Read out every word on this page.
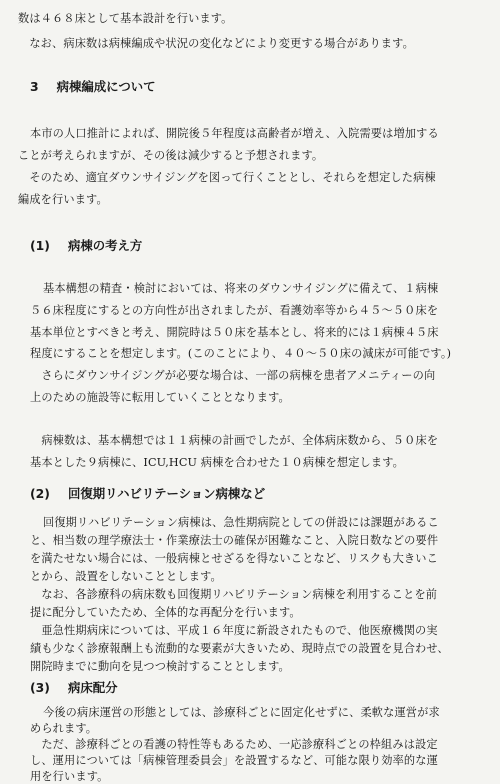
数は４６８床として基本設計を行います。
　なお、病床数は病棟編成や状況の変化などにより変更する場合があります。
3 病棟編成について
本市の人口推計によれば、開院後５年程度は高齢者が増え、入院需要は増加する
ことが考えられますが、その後は減少すると予想されます。
　そのため、適宜ダウンサイジングを図って行くこととし、それらを想定した病棟
編成を行います。
(1) 病棟の考え方
基本構想の精査・検討においては、将来のダウンサイジングに備えて、１病棟
５６床程度にするとの方向性が出されましたが、看護効率等から４５～５０床を
基本単位とすべきと考え、開院時は５０床を基本とし、将来的には１病棟４５床
程度にすることを想定します。(このことにより、４０～５０床の減床が可能です。)
　さらにダウンサイジングが必要な場合は、一部の病棟を患者アメニティーの向
上のための施設等に転用していくこととなります。
　病棟数は、基本構想では１１病棟の計画でしたが、全体病床数から、５０床を
基本とした９病棟に、ICU,HCU 病棟を合わせた１０病棟を想定します。
(2) 回復期リハビリテーション病棟など
回復期リハビリテーション病棟は、急性期病院としての併設には課題があるこ
と、相当数の理学療法士・作業療法士の確保が困難なこと、入院日数などの要件
を満たせない場合には、一般病棟とせざるを得ないことなど、リスクも大きいこ
とから、設置をしないこととします。
　なお、各診療科の病床数も回復期リハビリテーション病棟を利用することを前
提に配分していたため、全体的な再配分を行います。
　亜急性期病床については、平成１６年度に新設されたもので、他医療機関の実
績も少なく診療報酬上も流動的な要素が大きいため、現時点での設置を見合わせ、
開院時までに動向を見つつ検討することとします。
(3) 病床配分
今後の病床運営の形態としては、診療科ごとに固定化せずに、柔軟な運営が求
められます。
　ただ、診療科ごとの看護の特性等もあるため、一応診療科ごとの枠組みは設定
し、運用については「病棟管理委員会」を設置するなど、可能な限り効率的な運
用を行います。
